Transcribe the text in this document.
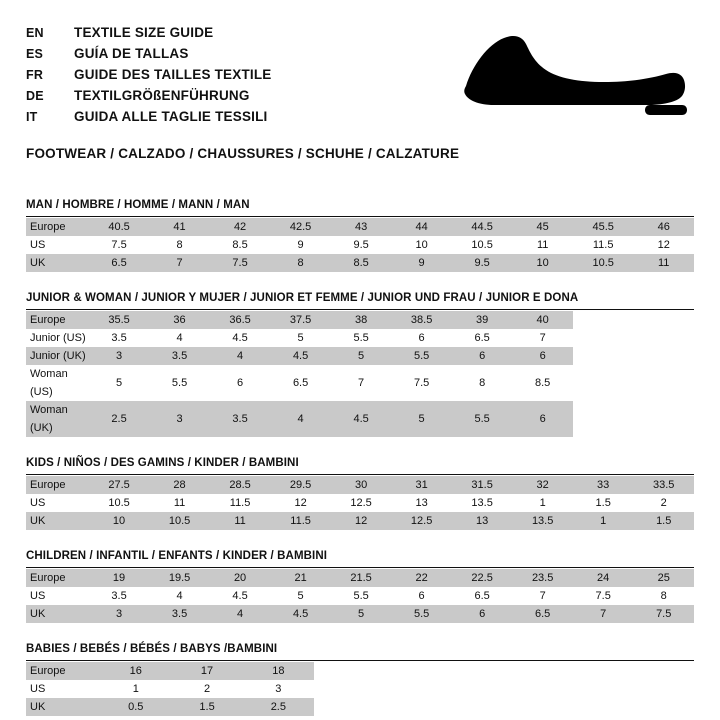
EN	TEXTILE SIZE GUIDE
ES	GUÍA DE TALLAS
FR	GUIDE DES TAILLES TEXTILE
DE	TEXTILGRÖßENFÜHRUNG
IT	GUIDA ALLE TAGLIE TESSILI
FOOTWEAR / CALZADO / CHAUSSURES / SCHUHE / CALZATURE
MAN / HOMBRE / HOMME / MANN / MAN
Europe	40.5	41	42	42.5	43	44	44.5	45	45.5	46
US	7.5	8	8.5	9	9.5	10	10.5	11	11.5	12
UK	6.5	7	7.5	8	8.5	9	9.5	10	10.5	11
JUNIOR & WOMAN / JUNIOR Y MUJER / JUNIOR ET FEMME / JUNIOR UND FRAU / JUNIOR E DONA
Europe	35.5	36	36.5	37.5	38	38.5	39	40		
Junior (US)	3.5	4	4.5	5	5.5	6	6.5	7		
Junior (UK)	3	3.5	4	4.5	5	5.5	6	6		
Woman (US)	5	5.5	6	6.5	7	7.5	8	8.5		
Woman (UK)	2.5	3	3.5	4	4.5	5	5.5	6		
KIDS / NIÑOS / DES GAMINS / KINDER / BAMBINI
Europe	27.5	28	28.5	29.5	30	31	31.5	32	33	33.5
US	10.5	11	11.5	12	12.5	13	13.5	1	1.5	2
UK	10	10.5	11	11.5	12	12.5	13	13.5	1	1.5
CHILDREN / INFANTIL / ENFANTS / KINDER / BAMBINI
Europe	19	19.5	20	21	21.5	22	22.5	23.5	24	25
US	3.5	4	4.5	5	5.5	6	6.5	7	7.5	8
UK	3	3.5	4	4.5	5	5.5	6	6.5	7	7.5
BABIES / BEBÉS / BÉBÉS / BABYS /BAMBINI
Europe	16	17	18
US	1	2	3
UK	0.5	1.5	2.5
